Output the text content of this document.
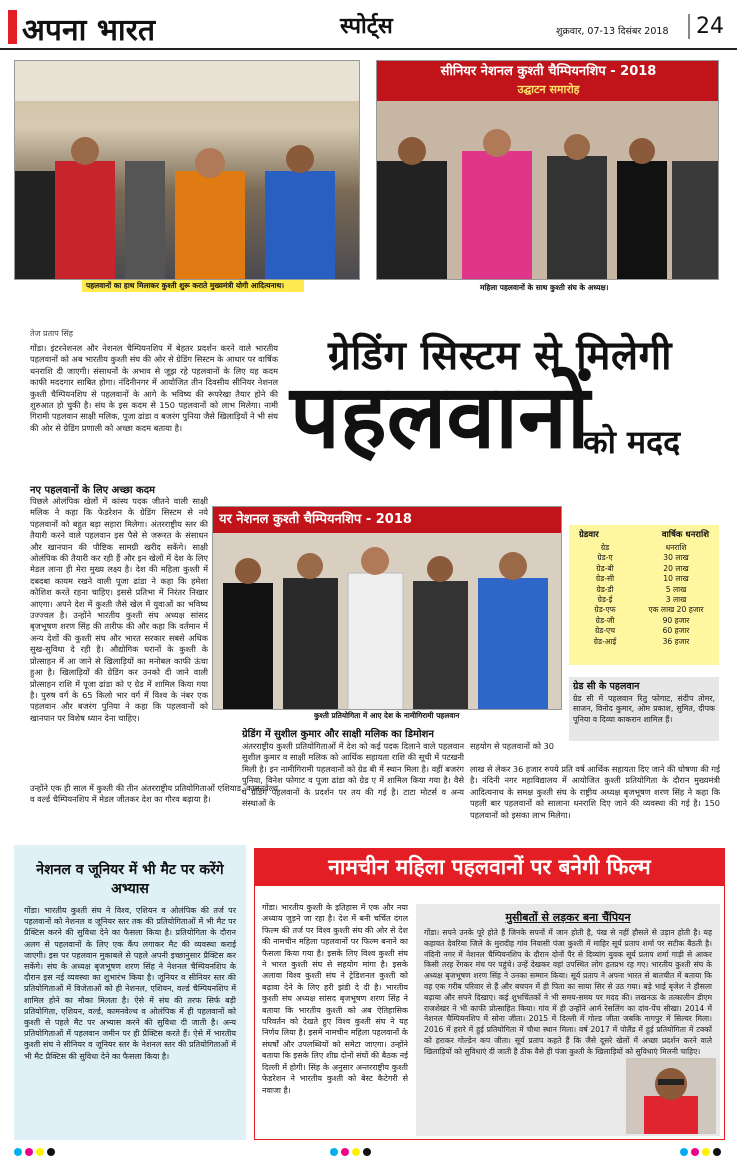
अपना भारत	स्पोर्ट्स	शुक्रवार, 07-13 दिसंबर 2018	24
पहलवानों का हाथ मिलाकर कुश्ती शुरू कराते मुख्यमंत्री योगी आदित्यनाथ।
सीनियर नेशनल कुश्ती चैम्पियनशिप - 2018
उद्घाटन समारोह
महिला पहलवानों के साथ कुश्ती संघ के अध्यक्ष।
तेज प्रताप सिंह	ग्रेडिंग सिस्टम से मिलेगी
पहलवानों
को मदद

गोंडा। इंटरनेशनल और नेशनल चैम्पियनशिप में बेहतर प्रदर्शन करने वाले भारतीय पहलवानों को अब भारतीय कुश्ती संघ की ओर से ग्रेडिंग सिस्टम के आधार पर वार्षिक धनराशि दी जाएगी। संसाधनों के अभाव से जूझ रहे पहलवानों के लिए यह कदम काफी मददगार साबित होगा। नंदिनीनगर में आयोजित तीन दिवसीय सीनियर नेशनल कुश्ती चैम्पियनशिप से पहलवानों के आगे के भविष्य की रूपरेखा तैयार होने की शुरुआत हो चुकी है। संघ के इस कदम से 150 पहलवानों को लाभ मिलेगा। नामी गिरामी पहलवान साक्षी मलिक, पूजा ढांडा व बजरंग पुनिया जैसे खिलाड़ियों ने भी संघ की ओर से ग्रेडिंग प्रणाली को अच्छा कदम बताया है।

नए पहलवानों के लिए अच्छा कदम

पिछले ओलंपिक खेलों में कांस्य पदक जीतने वाली साक्षी मलिक ने कहा कि फेडरेशन के ग्रेडिंग सिस्टम से नये पहलवानों को बहुत बड़ा सहारा मिलेगा। अंतरराष्ट्रीय स्तर की तैयारी करने वाले पहलवान इस पैसे से जरूरत के संसाधन और खानपान की पौष्टिक सामग्री खरीद सकेंगे। साक्षी ओलंपिक की तैयारी कर रही हैं और इन खेलों में देश के लिए मेडल लाना ही मेरा मुख्य लक्ष्य है। देश की महिला कुश्ती में दबदबा कायम रखने वाली पूजा ढांडा ने कहा कि हमेशा कोशिश करते रहना चाहिए। इससे प्रतिभा में निरंतर निखार आएगा। अपने देश में कुश्ती जैसे खेल में युवाओं का भविष्य उज्ज्वल है। उन्होंने भारतीय कुश्ती संघ अध्यक्ष सांसद बृजभूषण शरण सिंह की तारीफ की और कहा कि वर्तमान में अन्य देशों की कुश्ती संघ और भारत सरकार सबसे अधिक सुख-सुविधा दे रही है। औद्योगिक घरानों के कुश्ती के प्रोत्साहन में आ जाने से खिलाड़ियों का मनोबल काफी ऊंचा हुआ है। खिलाड़ियों की ग्रेडिंग कर उनको दी जाने वाली प्रोत्साहन राशि में पूजा ढांडा को ए ग्रेड में शामिल किया गया है। पुरुष वर्ग के 65 किलो भार वर्ग में विश्व के नंबर एक पहलवान और बजरंग पुनिया ने कहा कि पहलवानों को खानपान पर विशेष ध्यान देना चाहिए।

उन्होंने एक ही साल में कुश्ती की तीन अंतरराष्ट्रीय प्रतियोगिताओं एशियाड, कामनवेल्थ व वर्ल्ड चैम्पियनशिप में मेडल जीतकर देश का गौरव बढ़ाया है।

यर नेशनल कुश्ती चैम्पियनशिप - 2018
कुश्ती प्रतियोगिता में आए देश के नामीगिरामी पहलवान
ग्रेडवार	वार्षिक धनराशि
ग्रेड	धनराशि
ग्रेड-ए	30 लाख
ग्रेड-बी	20 लाख
ग्रेड-सी	10 लाख
ग्रेड-डी	5 लाख
ग्रेड-ई	3 लाख
ग्रेड-एफ	एक लाख 20 हजार
ग्रेड-जी	90 हजार
ग्रेड-एच	60 हजार
ग्रेड-आई	36 हजार
ग्रेड सी के पहलवान

ग्रेड सी में पहलवान रितु फोगाट, संदीप तोमर, साजन, विनोद कुमार, ओम प्रकाश, सुमित, दीपक पूनिया व दिव्या काकरान शामिल हैं।

ग्रेडिंग में सुशील कुमार और साक्षी मलिक का डिमोशन

अंतरराष्ट्रीय कुश्ती प्रतियोगिताओं में देश को कई पदक दिलाने वाले पहलवान सुशील कुमार व साक्षी मलिक को आर्थिक सहायता राशि की सूची में पटखनी मिली है। इन नामीगिरामी पहलवानों को ग्रेड बी में स्थान मिला है। वहीं बजरंग पुनिया, विनेश फोगाट व पूजा ढांडा को ग्रेड ए में शामिल किया गया है। वैसे ये ग्रेडिंग पहलवानों के प्रदर्शन पर तय की गई है। टाटा मोटर्स व अन्य संस्थाओं के

सहयोग से पहलवानों को 30

लाख से लेकर 36 हजार रुपये प्रति वर्ष आर्थिक सहायता दिए जाने की घोषणा की गई है। नंदिनी नगर महाविद्यालय में आयोजित कुश्ती प्रतियोगिता के दौरान मुख्यमंत्री आदित्यनाथ के समक्ष कुश्ती संघ के राष्ट्रीय अध्यक्ष बृजभूषण शरण सिंह ने कहा कि पहली बार पहलवानों को सालाना धनराशि दिए जाने की व्यवस्था की गई है। 150 पहलवानों को इसका लाभ मिलेगा।

नेशनल व जूनियर में भी मैट पर करेंगे अभ्यास

गोंडा। भारतीय कुश्ती संघ ने विश्व, एशियन व ओलंपिक की तर्ज पर पहलवानों को नेशनल व जूनियर स्तर तक की प्रतियोगिताओं में भी मैट पर प्रैक्टिस करने की सुविधा देने का फैसला किया है। प्रतियोगिता के दौरान अलग से पहलवानों के लिए एक कैंप लगाकर मैट की व्यवस्था कराई जाएगी। इस पर पहलवान मुकाबले से पहले अपनी इच्छानुसार प्रैक्टिस कर सकेंगे। संघ के अध्यक्ष बृजभूषण शरण सिंह ने नेशनल चैम्पियनशिप के दौरान इस नई व्यवस्था का शुभारंभ किया है। जूनियर व सीनियर स्तर की प्रतियोगिताओं में विजेताओं को ही नेशनल, एशियन, वर्ल्ड चैम्पियनशिप में शामिल होने का मौका मिलता है। ऐसे में संघ की तरफ सिर्फ बड़ी प्रतियोगिता, एशियन, वर्ल्ड, कामनवेल्थ व ओलंपिक में ही पहलवानों को कुश्ती से पहले मैट पर अभ्यास करने की सुविधा दी जाती है। अन्य प्रतियोगिताओं में पहलवान जमीन पर ही प्रैक्टिस करते हैं। ऐसे में भारतीय कुश्ती संघ ने सीनियर व जूनियर स्तर के नेशनल स्तर की प्रतियोगिताओं में भी मैट प्रैक्टिस की सुविधा देने का फैसला किया है।

नामचीन महिला पहलवानों पर बनेगी फिल्म

गोंडा। भारतीय कुश्ती के इतिहास में एक और नया अध्याय जुड़ने जा रहा है। देश में बनी चर्चित दंगल फिल्म की तर्ज पर विश्व कुश्ती संघ की ओर से देश की नामचीन महिला पहलवानों पर फिल्म बनाने का फैसला किया गया है। इसके लिए विश्व कुश्ती संघ ने भारत कुश्ती संघ से सहयोग मांगा है। इसके अलावा विश्व कुश्ती संघ ने ट्रेडिशनल कुश्ती को बढ़ावा देने के लिए हरी झंडी दे दी है। भारतीय कुश्ती संघ अध्यक्ष सांसद बृजभूषण शरण सिंह ने बताया कि भारतीय कुश्ती को अब ऐतिहासिक परिवर्तन को देखते हुए विश्व कुश्ती संघ ने यह निर्णय लिया है। इसमें नामचीन महिला पहलवानों के संघर्षों और उपलब्धियों को समेटा जाएगा। उन्होंने बताया कि इसके लिए शीघ्र दोनों संघों की बैठक नई दिल्ली में होगी। सिंह के अनुसार अन्तरराष्ट्रीय कुश्ती फेडरेशन ने भारतीय कुश्ती को बेस्ट कैटेगरी से नवाजा है।

मुसीबतों से लड़कर बना चैंपियन

गोंडा। सपने उनके पूरे होते हैं जिनके सपनों में जान होती है, पंख से नहीं हौसले से उड़ान होती है। यह कहावत देवरिया जिले के मुरादीह गांव निवासी पंजा कुश्ती में माहिर सूर्य प्रताप शर्मा पर सटीक बैठती है। नंदिनी नगर में नेशनल चैम्पियनशिप के दौरान दोनों पैर से दिव्यांग युवक सूर्य प्रताप शर्मा गाड़ी से आकर किसी तरह रेंगकर मंच पर पहुंचे। उन्हें देखकर वहां उपस्थित लोग हतप्रभ रह गए। भारतीय कुश्ती संघ के अध्यक्ष बृजभूषण शरण सिंह ने उनका सम्मान किया। सूर्य प्रताप ने अपना भारत से बातचीत में बताया कि वह एक गरीब परिवार से हैं और बचपन में ही पिता का साया सिर से उठ गया। बड़े भाई बृजेश ने हौसला बढ़ाया और सपने दिखाए। कई शुभचिंतकों ने भी समय-समय पर मदद की। लखनऊ के तत्कालीन डीएम राजशेखर ने भी काफी प्रोत्साहित किया। गांव में ही उन्होंने आर्म रेसलिंग का दांव-पेंच सीखा। 2014 में नेशनल चैम्पियनशिप में सोना जीता। 2015 में दिल्ली में गोल्ड जीता जबकि नागपुर में सिल्वर मिला। 2016 में हरारे में हुई प्रतियोगिता में चौथा स्थान मिला। वर्ष 2017 में पोलैंड में हुई प्रतियोगिता में टक्कों को हराकर गोल्डेन कप जीता। सूर्य प्रताप कहते हैं कि जैसे दूसरे खेलों में अच्छा प्रदर्शन करने वाले खिलाड़ियों को सुविधाएं दी जाती है ठीक वैसे ही पंजा कुश्ती के खिलाड़ियों को सुविधाएं मिलनी चाहिए।
